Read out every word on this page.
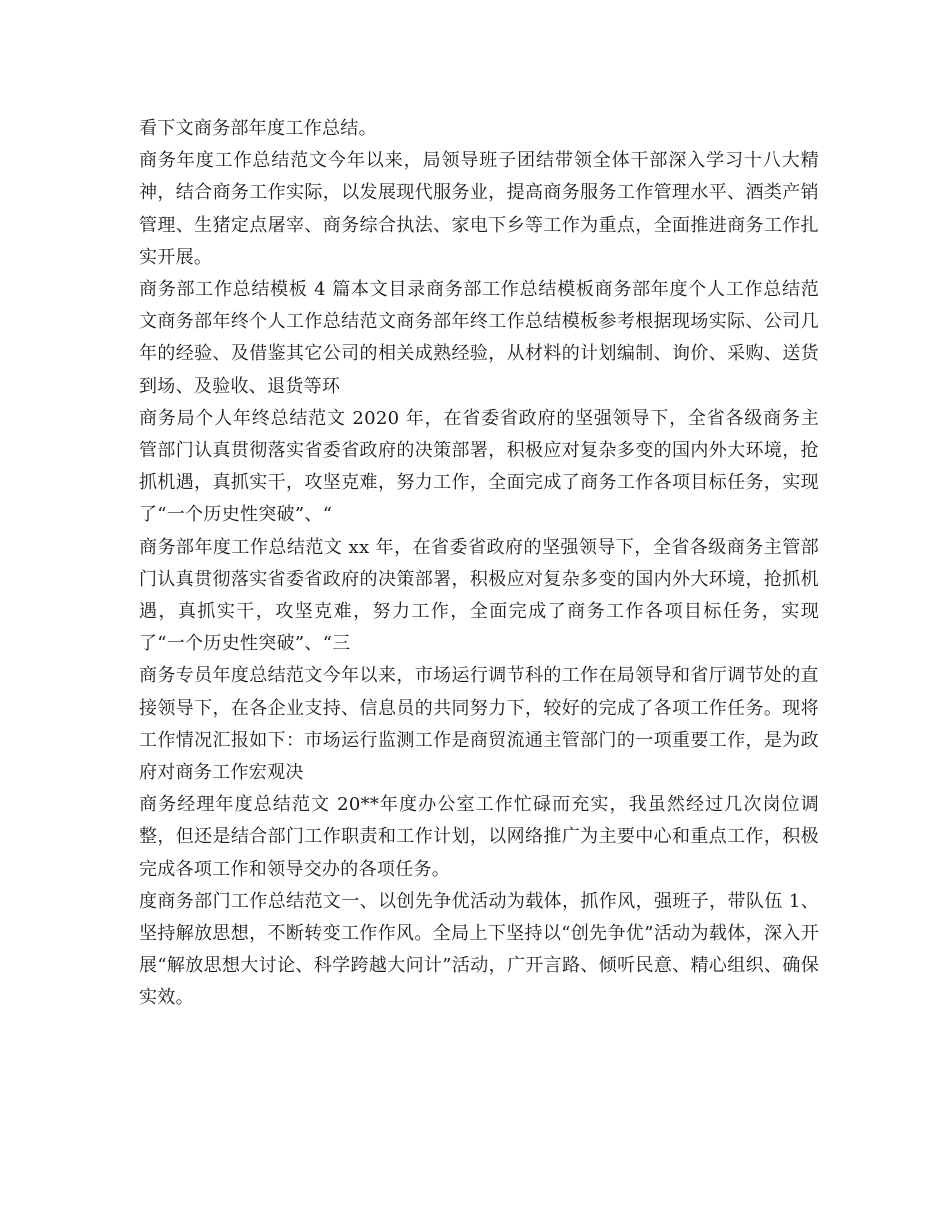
看下文商务部年度工作总结。

商务年度工作总结范文今年以来，局领导班子团结带领全体干部深入学习十八大精神，结合商务工作实际，以发展现代服务业，提高商务服务工作管理水平、酒类产销管理、生猪定点屠宰、商务综合执法、家电下乡等工作为重点，全面推进商务工作扎实开展。

商务部工作总结模板 4 篇本文目录商务部工作总结模板商务部年度个人工作总结范文商务部年终个人工作总结范文商务部年终工作总结模板参考根据现场实际、公司几年的经验、及借鉴其它公司的相关成熟经验，从材料的计划编制、询价、采购、送货到场、及验收、退货等环

商务局个人年终总结范文 2020 年，在省委省政府的坚强领导下，全省各级商务主管部门认真贯彻落实省委省政府的决策部署，积极应对复杂多变的国内外大环境，抢抓机遇，真抓实干，攻坚克难，努力工作，全面完成了商务工作各项目标任务，实现了“一个历史性突破”、“

商务部年度工作总结范文 xx 年，在省委省政府的坚强领导下，全省各级商务主管部门认真贯彻落实省委省政府的决策部署，积极应对复杂多变的国内外大环境，抢抓机遇，真抓实干，攻坚克难，努力工作，全面完成了商务工作各项目标任务，实现了“一个历史性突破”、“三

商务专员年度总结范文今年以来，市场运行调节科的工作在局领导和省厅调节处的直接领导下，在各企业支持、信息员的共同努力下，较好的完成了各项工作任务。现将工作情况汇报如下：市场运行监测工作是商贸流通主管部门的一项重要工作，是为政府对商务工作宏观决

商务经理年度总结范文 20**年度办公室工作忙碌而充实，我虽然经过几次岗位调整，但还是结合部门工作职责和工作计划，以网络推广为主要中心和重点工作，积极完成各项工作和领导交办的各项任务。

度商务部门工作总结范文一、以创先争优活动为载体，抓作风，强班子，带队伍 1、坚持解放思想，不断转变工作作风。全局上下坚持以“创先争优”活动为载体，深入开展“解放思想大讨论、科学跨越大问计”活动，广开言路、倾听民意、精心组织、确保实效。
